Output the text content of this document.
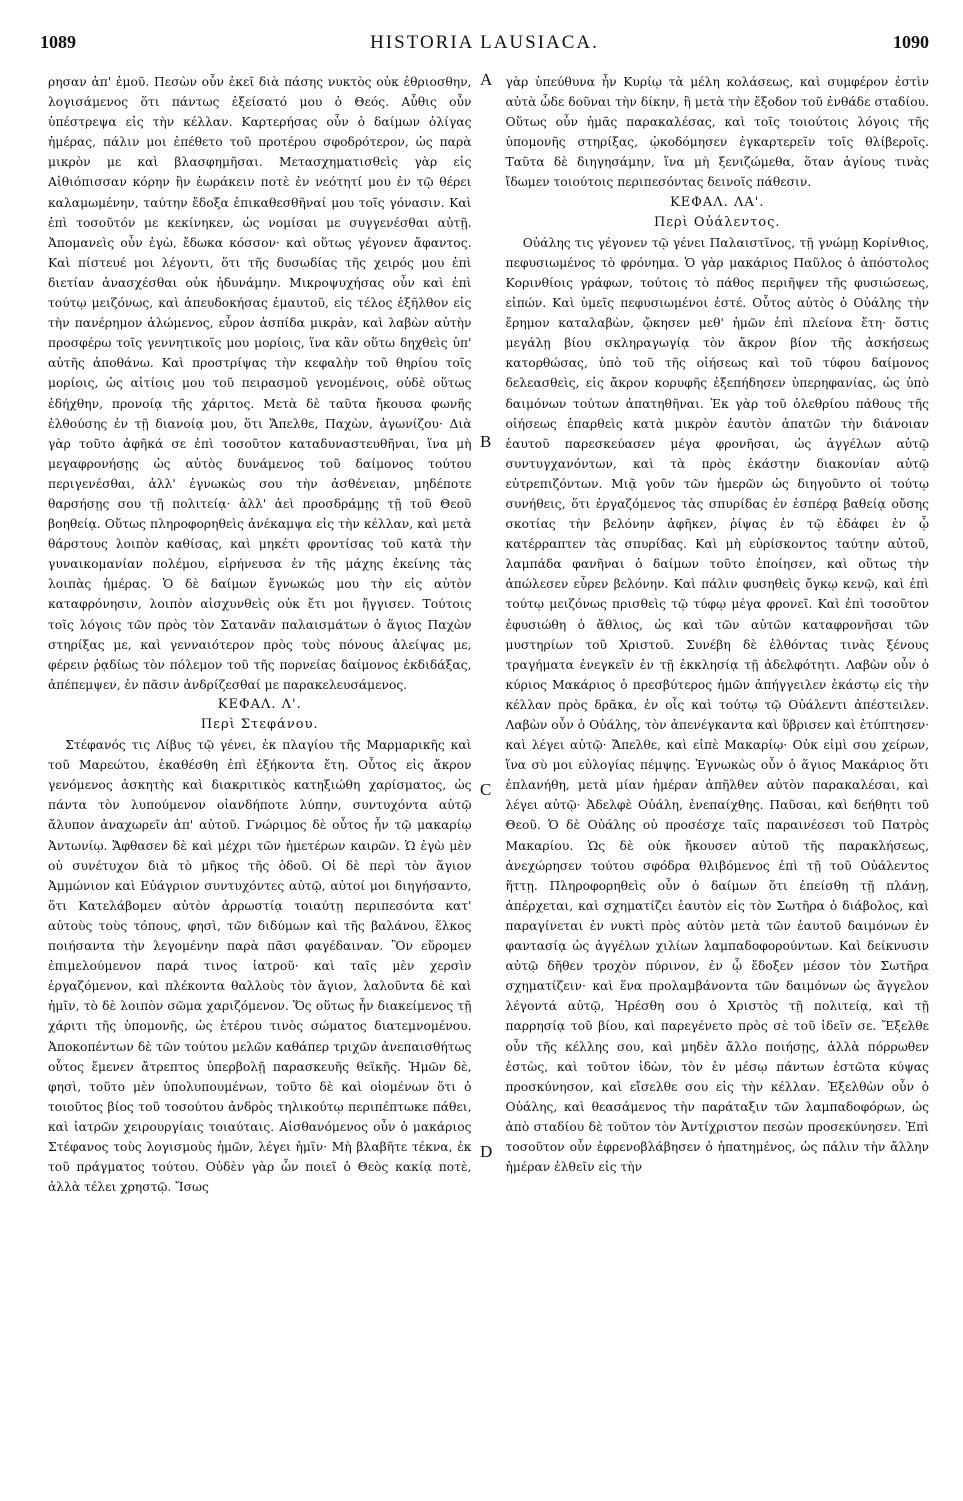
1089	HISTORIA LAUSIACA.	1090

ρησαν ἀπ' ἐμοῦ. Πεσὼν οὖν ἐκεῖ διὰ πάσης νυκτὸς οὐκ ἐθριοσθην, λογισάμενος ὅτι πάντως ἐξείσατό μου ὁ Θεός. Αὖθις οὖν ὑπέστρεψα εἰς τὴν κέλλαν. Καρτερήσας οὖν ὁ δαίμων ὀλίγας ἡμέρας, πάλιν μοι ἐπέθετο τοῦ προτέρου σφοδρότερον, ὡς παρὰ μικρὸν με καὶ βλασφημῆσαι. Μετασχηματισθεὶς γὰρ εἰς Αἰθιόπισσαν κόρην ἣν ἑωράκειν ποτὲ ἐν νεότητί μου ἐν τῷ θέρει καλαμωμένην, ταύτην ἔδοξα ἐπικαθεσθῆναί μου τοῖς γόνασιν. Καὶ ἐπὶ τοσοῦτόν με κεκίνηκεν, ὡς νομίσαι με συγγενέσθαι αὐτῇ. Ἀπομανεὶς οὖν ἐγὼ, ἔδωκα κόσσον· καὶ οὕτως γέγονεν ἄφαντος. Καὶ πίστευέ μοι λέγοντι, ὅτι τῆς δυσωδίας τῆς χειρός μου ἐπὶ διετίαν ἀνασχέσθαι οὐκ ἠδυνάμην. Μικροψυχήσας οὖν καὶ ἐπὶ τούτῳ μειζόνως, καὶ ἀπευδοκήσας ἐμαυτοῦ, εἰς τέλος ἐξῆλθον εἰς τὴν πανέρημον ἀλώμενος, εὗρον ἀσπίδα μικρὰν, καὶ λαβὼν αὐτὴν προσφέρω τοῖς γεννητικοῖς μου μορίοις, ἵνα κἂν οὕτω δηχθεὶς ὑπ' αὐτῆς ἀποθάνω. Καὶ προστρίψας τὴν κεφαλὴν τοῦ θηρίου τοῖς μορίοις, ὡς αἰτίοις μου τοῦ πειρασμοῦ γενομένοις, οὐδὲ οὕτως ἐδήχθην, προνοίᾳ τῆς χάριτος. Μετὰ δὲ ταῦτα ἤκουσα φωνῆς ἐλθούσης ἐν τῇ διανοίᾳ μου, ὅτι Ἄπελθε, Παχὼν, ἀγωνίζου· Διὰ γὰρ τοῦτο ἀφῆκά σε ἐπὶ τοσοῦτον καταδυναστευθῆναι, ἵνα μὴ μεγαφρονήσῃς ὡς αὐτὸς δυνάμενος τοῦ δαίμονος τούτου περιγενέσθαι, ἀλλ' ἐγνωκὼς σου τὴν ἀσθένειαν, μηδέποτε θαρσήσῃς σου τῇ πολιτείᾳ· ἀλλ' ἀεὶ προσδράμῃς τῇ τοῦ Θεοῦ βοηθείᾳ. Οὕτως πληροφορηθεὶς ἀνέκαμψα εἰς τὴν κέλλαν, καὶ μετὰ θάρστους λοιπὸν καθίσας, καὶ μηκέτι φροντίσας τοῦ κατὰ τὴν γυναικομανίαν πολέμου, εἰρήνευσα ἐν τῆς μάχης ἐκείνης τὰς λοιπὰς ἡμέρας. Ὁ δὲ δαίμων ἔγνωκώς μου τὴν εἰς αὐτὸν καταφρόνησιν, λοιπὸν αἰσχυνθεὶς οὐκ ἔτι μοι ἤγγισεν. Τούτοις τοῖς λόγοις τῶν πρὸς τὸν Σατανᾶν παλαισμάτων ὁ ἅγιος Παχὼν στηρίξας με, καὶ γενναιότερον πρὸς τοὺς πόνους ἀλείψας με, φέρειν ῥᾳδίως τὸν πόλεμον τοῦ τῆς πορνείας δαίμονος ἐκδιδάξας, ἀπέπεμψεν, ἐν πᾶσιν ἀνδρίζεσθαί με παρακελευσάμενος.

ΚΕΦΑΛ. Λ'.

Περὶ Στεφάνου.

Στέφανός τις Λίβυς τῷ γένει, ἐκ πλαγίου τῆς Μαρμαρικῆς καὶ τοῦ Μαρεώτου, ἐκαθέσθη ἐπὶ ἑξήκοντα ἔτη. Οὗτος εἰς ἄκρον γενόμενος ἀσκητὴς καὶ διακριτικὸς κατηξιώθη χαρίσματος, ὡς πάντα τὸν λυπούμενον οἱανδήποτε λύπην, συντυχόντα αὐτῷ ἄλυπον ἀναχωρεῖν ἀπ' αὐτοῦ. Γνώριμος δὲ οὗτος ἦν τῷ μακαρίῳ Ἀντωνίῳ. Ἄφθασεν δὲ καὶ μέχρι τῶν ἡμετέρων καιρῶν. Ὡ ἐγὼ μὲν οὐ συνέτυχον διὰ τὸ μῆκος τῆς ὁδοῦ. Οἱ δὲ περὶ τὸν ἅγιον Ἀμμώνιον καὶ Εὐάγριον συντυχόντες αὐτῷ, αὐτοί μοι διηγήσαντο, ὅτι Κατελάβομεν αὐτὸν ἀρρωστίᾳ τοιαύτῃ περιπεσόντα κατ' αὐτοὺς τοὺς τόπους, φησὶ, τῶν διδύμων καὶ τῆς βαλάνου, ἕλκος ποιήσαντα τὴν λεγομένην παρὰ πᾶσι φαγέδαιναν. Ὃν εὕρομεν ἐπιμελούμενον παρά τινος ἰατροῦ· καὶ ταῖς μὲν χερσὶν ἐργαζόμενον, καὶ πλέκοντα θαλλοὺς τὸν ἅγιον, λαλοῦντα δὲ καὶ ἡμῖν, τὸ δὲ λοιπὸν σῶμα χαριζόμενον. Ὅς οὕτως ἦν διακείμενος τῇ χάριτι τῆς ὑπομονῆς, ὡς ἑτέρου τινὸς σώματος διατεμνομένου. Ἀποκοπέντων δὲ τῶν τούτου μελῶν καθάπερ τριχῶν ἀνεπαισθήτως οὗτος ἔμενεν ἄτρεπτος ὑπερβολῇ παρασκευῆς θεϊκῆς. Ἡμῶν δὲ, φησὶ, τοῦτο μὲν ὑπολυπουμένων, τοῦτο δὲ καὶ οἰομένων ὅτι ὁ τοιοῦτος βίος τοῦ τοσούτου ἀνδρὸς τηλικούτῳ περιπέπτωκε πάθει, καὶ ἰατρῶν χειρουργίαις τοιαύταις. Αἰσθανόμενος οὖν ὁ μακάριος Στέφανος τοὺς λογισμοὺς ἡμῶν, λέγει ἡμῖν· Μὴ βλαβῆτε τέκνα, ἐκ τοῦ πράγματος τούτου. Οὐδὲν γὰρ ὧν ποιεῖ ὁ Θεὸς κακίᾳ ποτὲ, ἀλλὰ τέλει χρηστῷ. Ἴσως

γὰρ ὑπεύθυνα ἦν Κυρίῳ τὰ μέλη κολάσεως, καὶ συμφέρον ἐστὶν αὐτὰ ὧδε δοῦναι τὴν δίκην, ἢ μετὰ τὴν ἔξοδον τοῦ ἐνθάδε σταδίου. Οὕτως οὖν ἡμᾶς παρακαλέσας, καὶ τοῖς τοιούτοις λόγοις τῆς ὑπομονῆς στηρίξας, ᾠκοδόμησεν ἐγκαρτερεῖν τοῖς θλίβεροῖς. Ταῦτα δὲ διηγησάμην, ἵνα μὴ ξενιζώμεθα, ὅταν ἁγίους τινὰς ἴδωμεν τοιούτοις περιπεσόντας δεινοῖς πάθεσιν.

ΚΕΦΑΛ. ΛΑ'.

Περὶ Οὐάλεντος.

Οὐάλης τις γέγονεν τῷ γένει Παλαιστῖνος, τῇ γνώμῃ Κορίνθιος, πεφυσιωμένος τὸ φρόνημα. Ὁ γὰρ μακάριος Παῦλος ὁ ἀπόστολος Κορινθίοις γράφων, τούτοις τὸ πάθος περιῆψεν τῆς φυσιώσεως, εἰπών. Καὶ ὑμεῖς πεφυσιωμένοι ἐστέ. Οὗτος αὐτὸς ὁ Οὐάλης τὴν ἔρημον καταλαβὼν, ᾤκησεν μεθ' ἡμῶν ἐπὶ πλείονα ἔτη· ὅστις μεγάλῃ βίου σκληραγωγίᾳ τὸν ἄκρον βίον τῆς ἀσκήσεως κατορθώσας, ὑπὸ τοῦ τῆς οἰήσεως καὶ τοῦ τύφου δαίμονος δελεασθεὶς, εἰς ἄκρον κορυφῆς ἐξεπήδησεν ὑπερηφανίας, ὡς ὑπὸ δαιμόνων τούτων ἀπατηθῆναι. Ἐκ γὰρ τοῦ ὀλεθρίου πάθους τῆς οἰήσεως ἐπαρθεὶς κατὰ μικρὸν ἑαυτὸν ἀπατῶν τὴν διάνοιαν ἑαυτοῦ παρεσκεύασεν μέγα φρονῆσαι, ὡς ἀγγέλων αὐτῷ συντυγχανόντων, καὶ τὰ πρὸς ἑκάστην διακονίαν αὐτῷ εὐτρεπιζόντων. Μιᾷ γοῦν τῶν ἡμερῶν ὡς διηγοῦντο οἱ τούτῳ συνήθεις, ὅτι ἐργαζόμενος τὰς σπυρίδας ἐν ἑσπέρᾳ βαθείᾳ οὔσης σκοτίας τὴν βελόνην ἀφῆκεν, ῥίψας ἐν τῷ ἐδάφει ἐν ᾧ κατέρραπτεν τὰς σπυρίδας. Καὶ μὴ εὑρίσκοντος ταύτην αὐτοῦ, λαμπάδα φανῆναι ὁ δαίμων τοῦτο ἐποίησεν, καὶ οὕτως τὴν ἀπώλεσεν εὗρεν βελόνην. Καὶ πάλιν φυσηθεὶς ὄγκῳ κενῷ, καὶ ἐπὶ τούτῳ μειζόνως πρισθεὶς τῷ τύφῳ μέγα φρονεῖ. Καὶ ἐπὶ τοσοῦτον ἐφυσιώθη ὁ ἄθλιος, ὡς καὶ τῶν αὐτῶν καταφρονῆσαι τῶν μυστηρίων τοῦ Χριστοῦ. Συνέβη δὲ ἐλθόντας τινὰς ξένους τραγήματα ἐνεγκεῖν ἐν τῇ ἐκκλησίᾳ τῇ ἀδελφότητι. Λαβὼν οὖν ὁ κύριος Μακάριος ὁ πρεσβύτερος ἡμῶν ἀπήγγειλεν ἑκάστῳ εἰς τὴν κέλλαν πρὸς δρᾶκα, ἐν οἷς καὶ τούτῳ τῷ Οὐάλεντι ἀπέστειλεν. Λαβὼν οὖν ὁ Οὐάλης, τὸν ἀπενέγκαντα καὶ ὕβρισεν καὶ ἐτύπτησεν· καὶ λέγει αὐτῷ· Ἄπελθε, καὶ εἰπὲ Μακαρίῳ· Οὐκ εἰμὶ σου χείρων, ἵνα σὺ μοι εὐλογίας πέμψῃς. Ἐγνωκὼς οὖν ὁ ἅγιος Μακάριος ὅτι ἐπλανήθη, μετὰ μίαν ἡμέραν ἀπῆλθεν αὐτὸν παρακαλέσαι, καὶ λέγει αὐτῷ· Ἀδελφὲ Οὐάλη, ἐνεπαίχθης. Παῦσαι, καὶ δεήθητι τοῦ Θεοῦ. Ὁ δὲ Οὐάλης οὐ προσέσχε ταῖς παραινέσεσι τοῦ Πατρὸς Μακαρίου. Ὡς δὲ οὐκ ἤκουσεν αὐτοῦ τῆς παρακλήσεως, ἀνεχώρησεν τούτου σφόδρα θλιβόμενος ἐπὶ τῇ τοῦ Οὐάλεντος ἥττῃ. Πληροφορηθεὶς οὖν ὁ δαίμων ὅτι ἐπείσθη τῇ πλάνῃ, ἀπέρχεται, καὶ σχηματίζει ἑαυτὸν εἰς τὸν Σωτῆρα ὁ διάβολος, καὶ παραγίνεται ἐν νυκτὶ πρὸς αὐτὸν μετὰ τῶν ἑαυτοῦ δαιμόνων ἐν φαντασίᾳ ὡς ἀγγέλων χιλίων λαμπαδοφορούντων. Καὶ δείκνυσιν αὐτῷ δῆθεν τροχὸν πύρινον, ἐν ᾧ ἔδοξεν μέσον τὸν Σωτῆρα σχηματίζειν· καὶ ἕνα προλαμβάνοντα τῶν δαιμόνων ὡς ἄγγελον λέγοντά αὐτῷ, Ἠρέσθη σου ὁ Χριστὸς τῇ πολιτείᾳ, καὶ τῇ παρρησίᾳ τοῦ βίου, καὶ παρεγένετο πρὸς σὲ τοῦ ἰδεῖν σε. Ἔξελθε οὖν τῆς κέλλης σου, καὶ μηδὲν ἄλλο ποιήσῃς, ἀλλὰ πόρρωθεν ἑστὼς, καὶ τοῦτον ἰδὼν, τὸν ἐν μέσῳ πάντων ἑστῶτα κύψας προσκύνησον, καὶ εἴσελθε σου εἰς τὴν κέλλαν. Ἐξελθὼν οὖν ὁ Οὐάλης, καὶ θεασάμενος τὴν παράταξιν τῶν λαμπαδοφόρων, ὡς ἀπὸ σταδίου δὲ τοῦτον τὸν Ἀντίχριστον πεσὼν προσεκύνησεν. Ἐπὶ τοσοῦτον οὖν ἐφρενοβλάβησεν ὁ ἠπατημένος, ὡς πάλιν τὴν ἄλλην ἡμέραν ἐλθεῖν εἰς τὴν

A
B
C
D
